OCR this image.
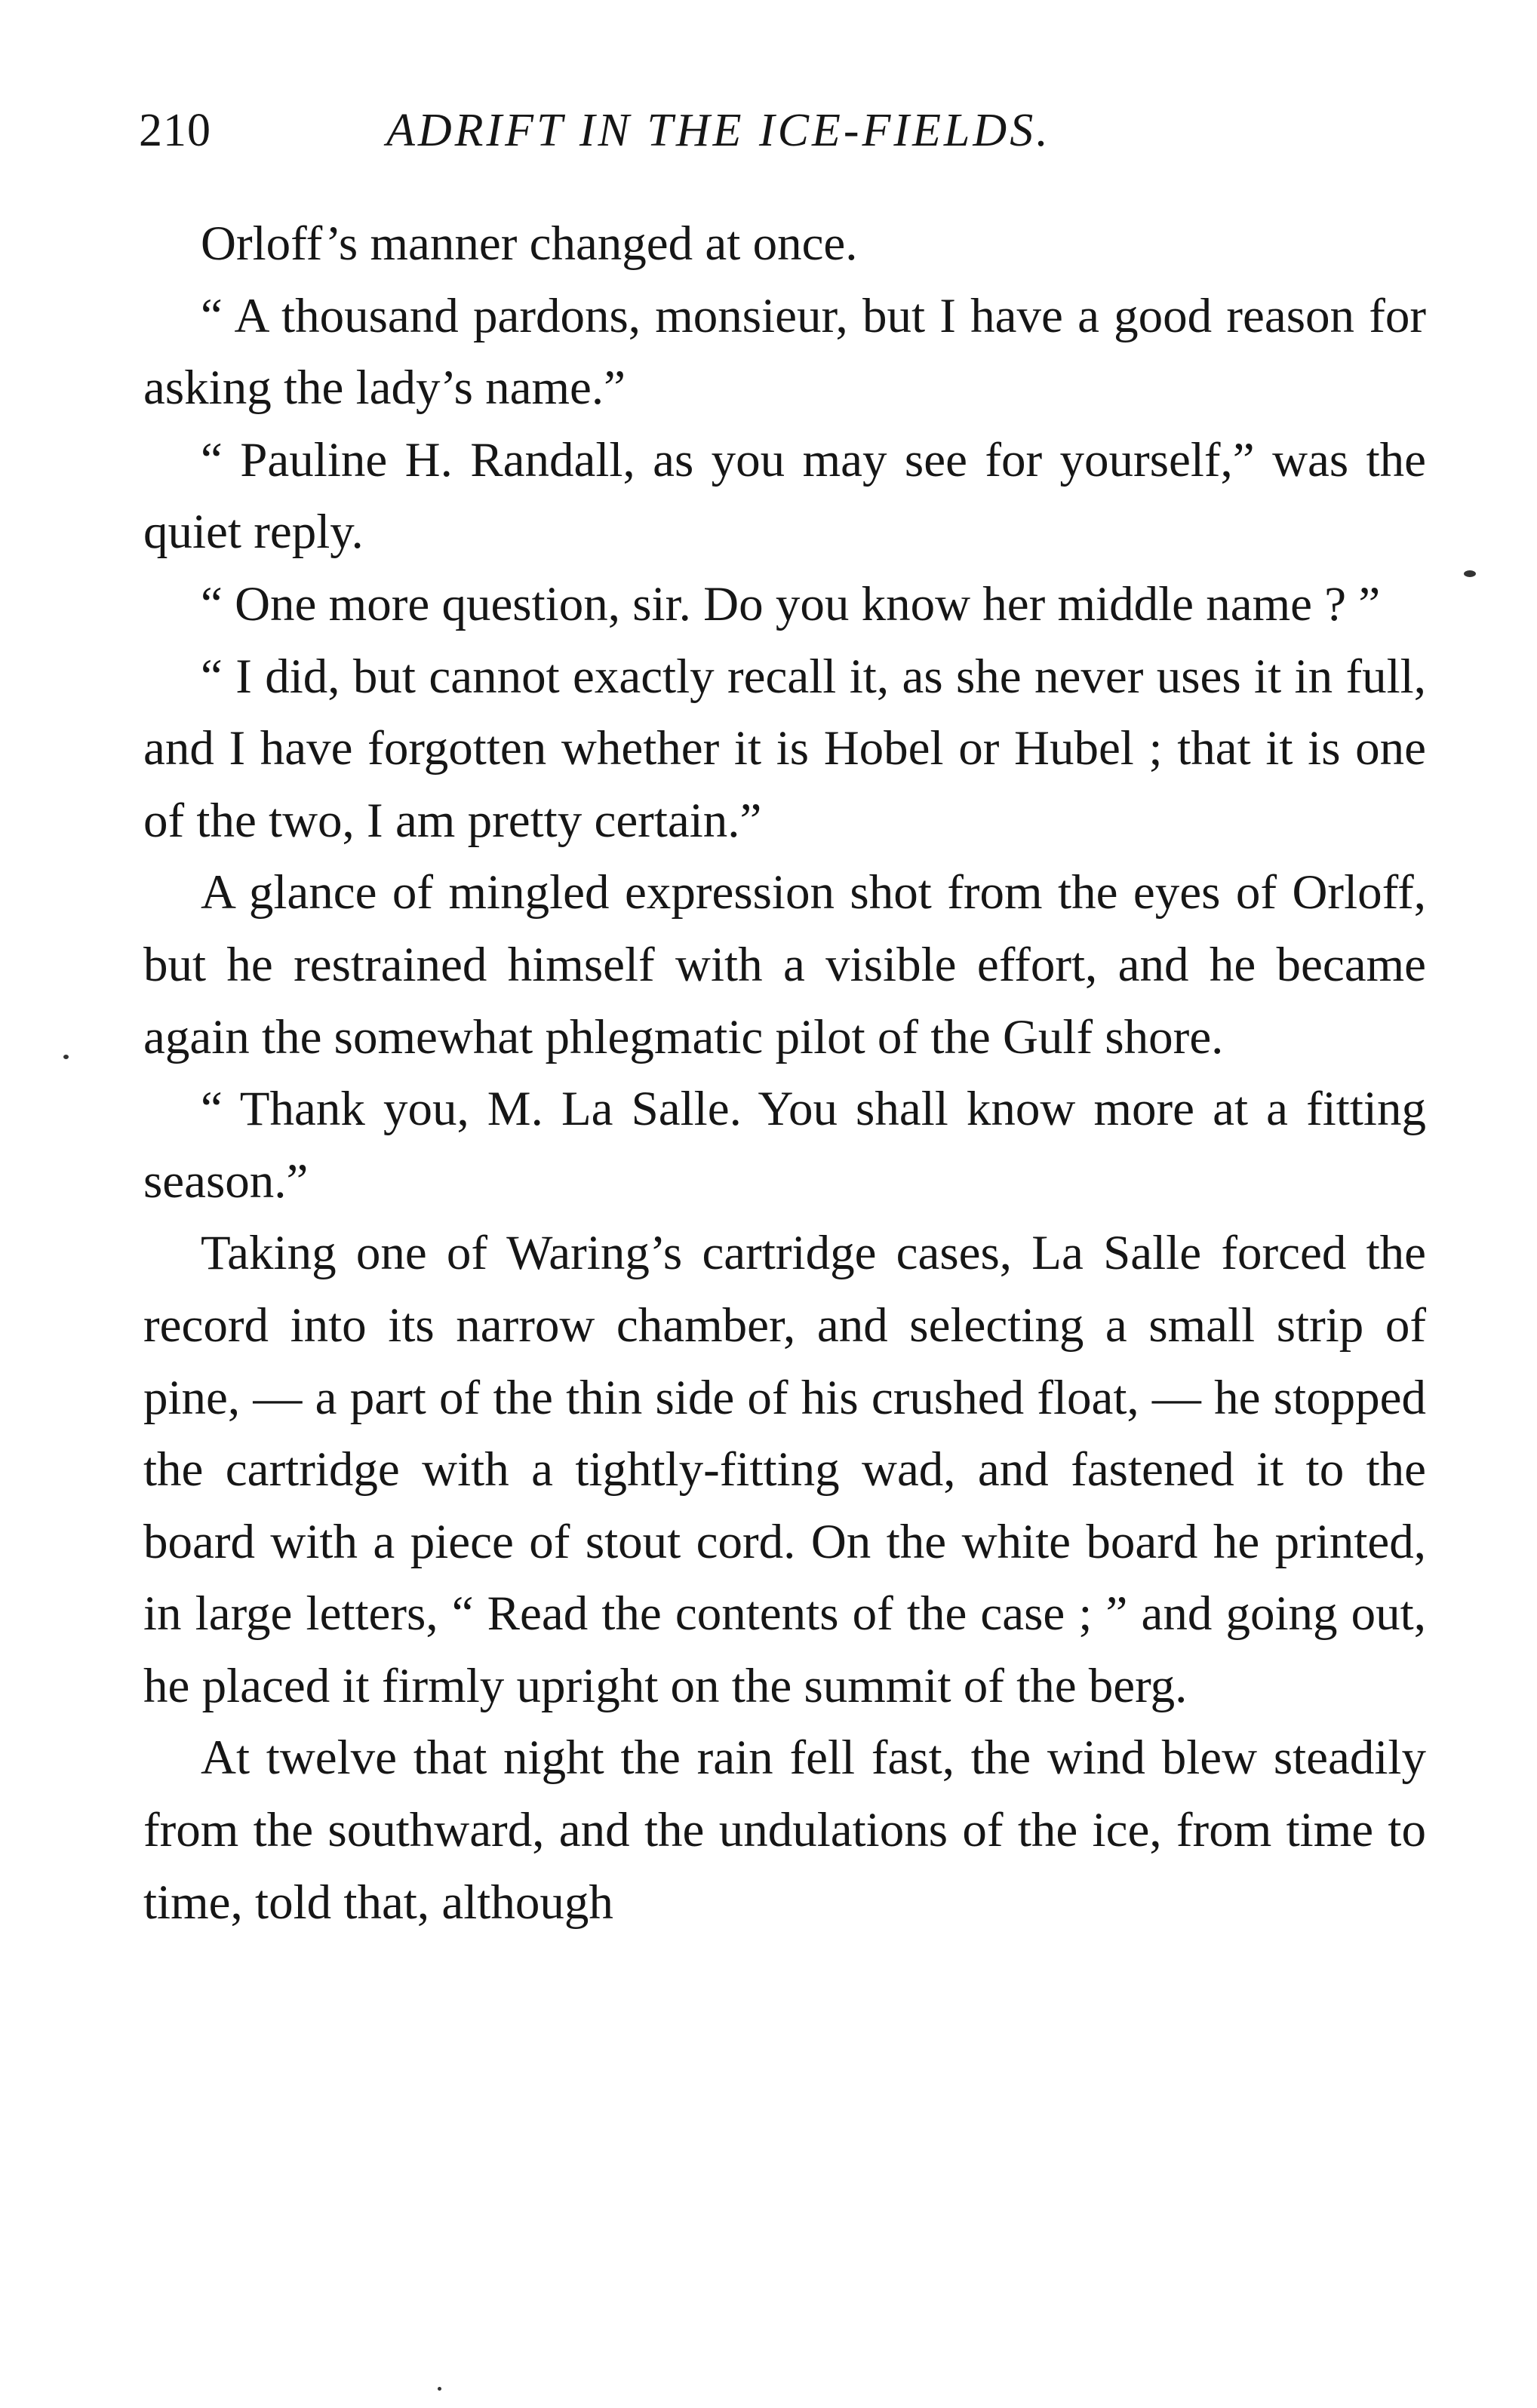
210	ADRIFT IN THE ICE-FIELDS.

Orloff’s manner changed at once.

“ A thousand pardons, monsieur, but I have a good reason for asking the lady’s name.”

“ Pauline H. Randall, as you may see for yourself,” was the quiet reply.

“ One more question, sir. Do you know her middle name ? ”

“ I did, but cannot exactly recall it, as she never uses it in full, and I have forgotten whether it is Hobel or Hubel ; that it is one of the two, I am pretty certain.”

A glance of mingled expression shot from the eyes of Orloff, but he restrained himself with a visible effort, and he became again the somewhat phlegmatic pilot of the Gulf shore.

“ Thank you, M. La Salle. You shall know more at a fitting season.”

Taking one of Waring’s cartridge cases, La Salle forced the record into its narrow chamber, and selecting a small strip of pine, — a part of the thin side of his crushed float, — he stopped the cartridge with a tightly-fitting wad, and fastened it to the board with a piece of stout cord. On the white board he printed, in large letters, “ Read the contents of the case ; ” and going out, he placed it firmly upright on the summit of the berg.

At twelve that night the rain fell fast, the wind blew steadily from the southward, and the undulations of the ice, from time to time, told that, although
